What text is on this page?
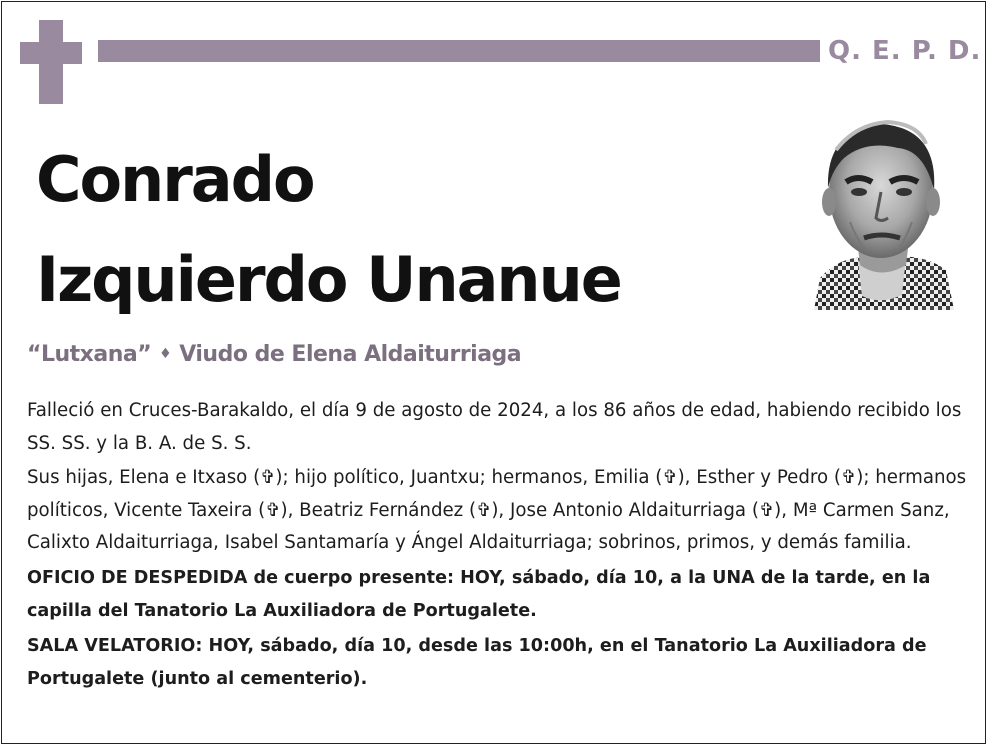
Q. E. P. D.
Conrado
Izquierdo Unanue
“Lutxana” ♦ Viudo de Elena Aldaiturriaga

Falleció en Cruces-Barakaldo, el día 9 de agosto de 2024, a los 86 años de edad, habiendo recibido los SS. SS. y la B. A. de S. S.

Sus hijas, Elena e Itxaso (✞); hijo político, Juantxu; hermanos, Emilia (✞), Esther y Pedro (✞); hermanos políticos, Vicente Taxeira (✞), Beatriz Fernández (✞), Jose Antonio Aldaiturriaga (✞), Mª Carmen Sanz, Calixto Aldaiturriaga, Isabel Santamaría y Ángel Aldaiturriaga; sobrinos, primos, y demás familia.

OFICIO DE DESPEDIDA de cuerpo presente: HOY, sábado, día 10, a la UNA de la tarde, en la capilla del Tanatorio La Auxiliadora de Portugalete.

SALA VELATORIO: HOY, sábado, día 10, desde las 10:00h, en el Tanatorio La Auxiliadora de Portugalete (junto al cementerio).
